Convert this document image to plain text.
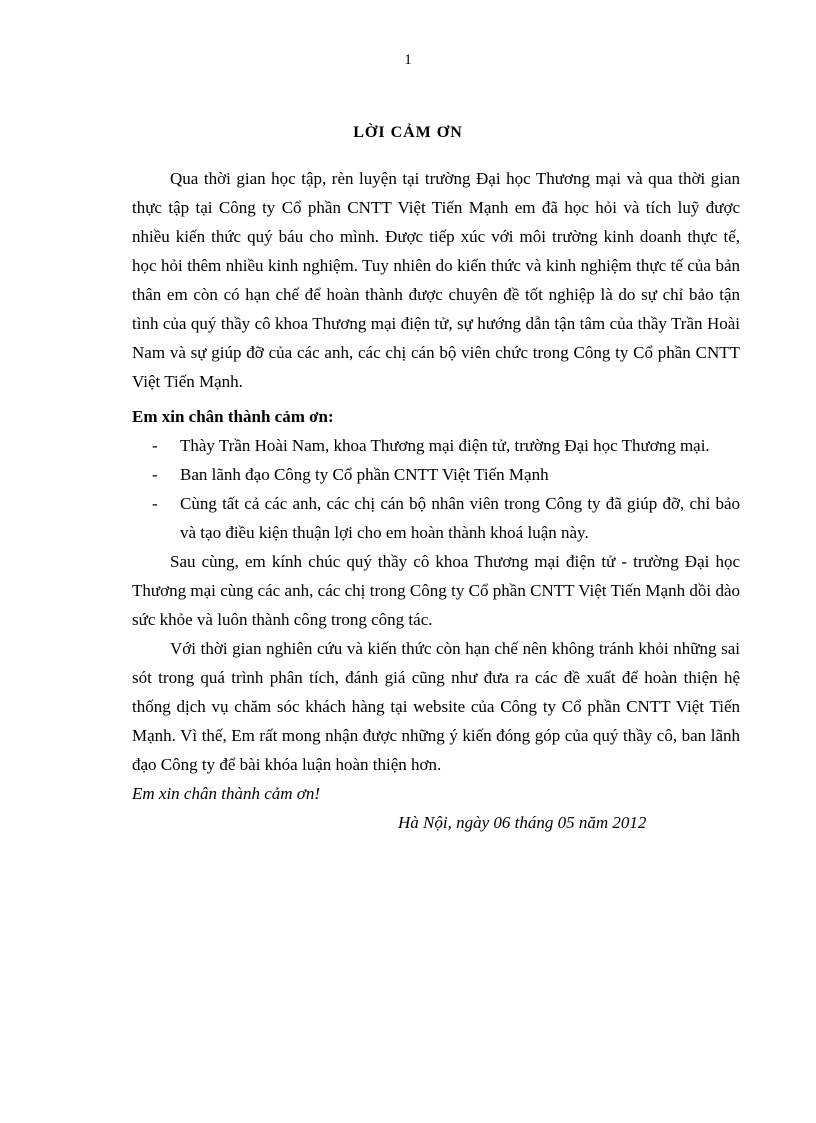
1
LỜI CẢM ƠN

Qua thời gian học tập, rèn luyện tại trường Đại học Thương mại và qua thời gian thực tập tại Công ty Cổ phần CNTT Việt Tiến Mạnh em đã học hỏi và tích luỹ được nhiều kiến thức quý báu cho mình. Được tiếp xúc với môi trường kinh doanh thực tế, học hỏi thêm nhiều kinh nghiệm. Tuy nhiên do kiến thức và kinh nghiệm thực tế của bản thân em còn có hạn chế để hoàn thành được chuyên đề tốt nghiệp là do sự chỉ bảo tận tình của quý thầy cô khoa Thương mại điện tử, sự hướng dẫn tận tâm của thầy Trần Hoài Nam và sự giúp đỡ của các anh, các chị cán bộ viên chức trong Công ty Cổ phần CNTT Việt Tiến Mạnh.

Em xin chân thành cảm ơn:

- Thày Trần Hoài Nam, khoa Thương mại điện tử, trường Đại học Thương mại.
- Ban lãnh đạo Công ty Cổ phần CNTT Việt Tiến Mạnh
- Cùng tất cả các anh, các chị cán bộ nhân viên trong Công ty đã giúp đỡ, chỉ bảo và tạo điều kiện thuận lợi cho em hoàn thành khoá luận này.

Sau cùng, em kính chúc quý thầy cô khoa Thương mại điện tử - trường Đại học Thương mại cùng các anh, các chị trong Công ty Cổ phần CNTT Việt Tiến Mạnh dồi dào sức khỏe và luôn thành công trong công tác.

Với thời gian nghiên cứu và kiến thức còn hạn chế nên không tránh khỏi những sai sót trong quá trình phân tích, đánh giá cũng như đưa ra các đề xuất để hoàn thiện hệ thống dịch vụ chăm sóc khách hàng tại website của Công ty Cổ phần CNTT Việt Tiến Mạnh. Vì thế, Em rất mong nhận được những ý kiến đóng góp của quý thầy cô, ban lãnh đạo Công ty để bài khóa luận hoàn thiện hơn.

Em xin chân thành cảm ơn!

Hà Nội, ngày 06 tháng 05 năm 2012
